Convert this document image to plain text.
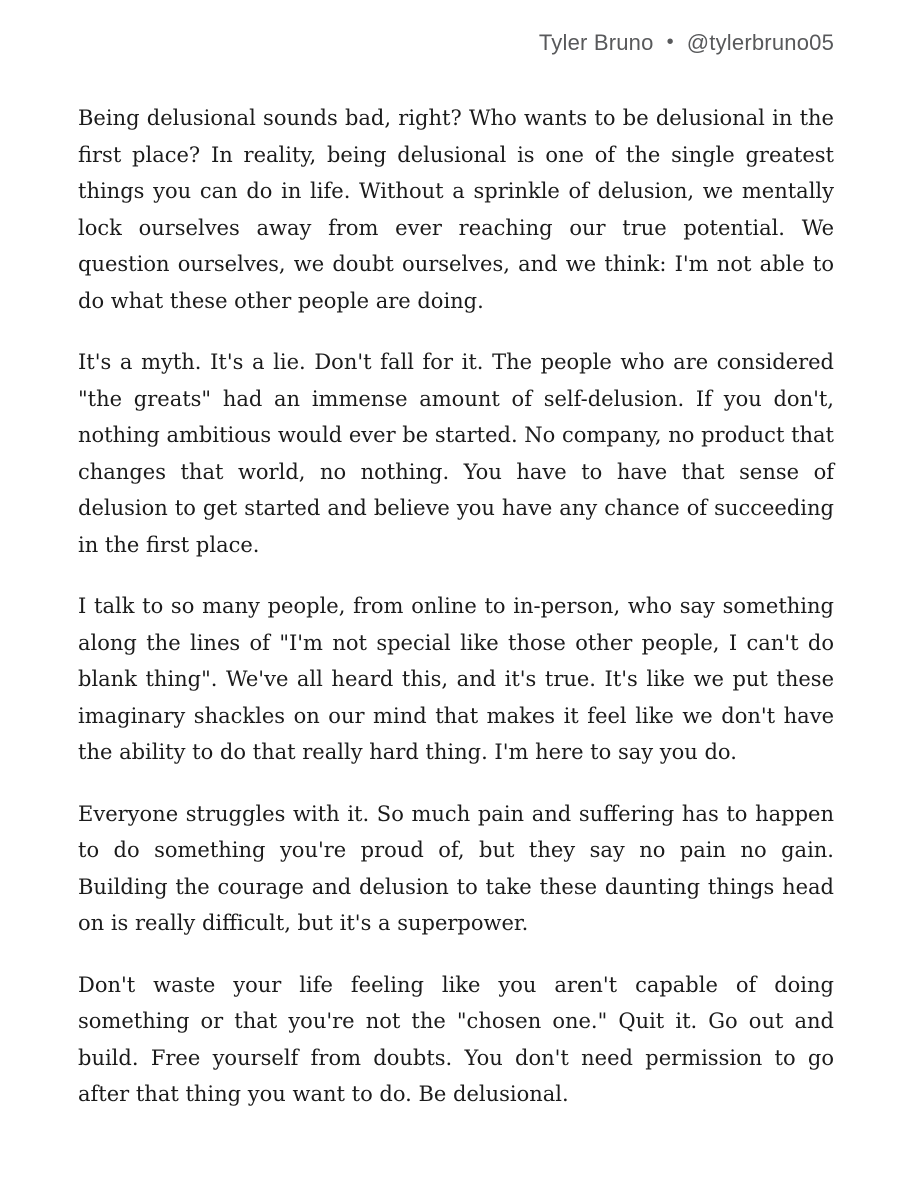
Tyler Bruno • @tylerbruno05

Being delusional sounds bad, right? Who wants to be delusional in the first place? In reality, being delusional is one of the single greatest things you can do in life. Without a sprinkle of delusion, we mentally lock ourselves away from ever reaching our true potential. We question ourselves, we doubt ourselves, and we think: I'm not able to do what these other people are doing.

It's a myth. It's a lie. Don't fall for it. The people who are considered "the greats" had an immense amount of self-delusion. If you don't, nothing ambitious would ever be started. No company, no product that changes that world, no nothing. You have to have that sense of delusion to get started and believe you have any chance of succeeding in the first place.

I talk to so many people, from online to in-person, who say something along the lines of "I'm not special like those other people, I can't do blank thing". We've all heard this, and it's true. It's like we put these imaginary shackles on our mind that makes it feel like we don't have the ability to do that really hard thing. I'm here to say you do.

Everyone struggles with it. So much pain and suffering has to happen to do something you're proud of, but they say no pain no gain. Building the courage and delusion to take these daunting things head on is really difficult, but it's a superpower.

Don't waste your life feeling like you aren't capable of doing something or that you're not the "chosen one." Quit it. Go out and build. Free yourself from doubts. You don't need permission to go after that thing you want to do. Be delusional.
